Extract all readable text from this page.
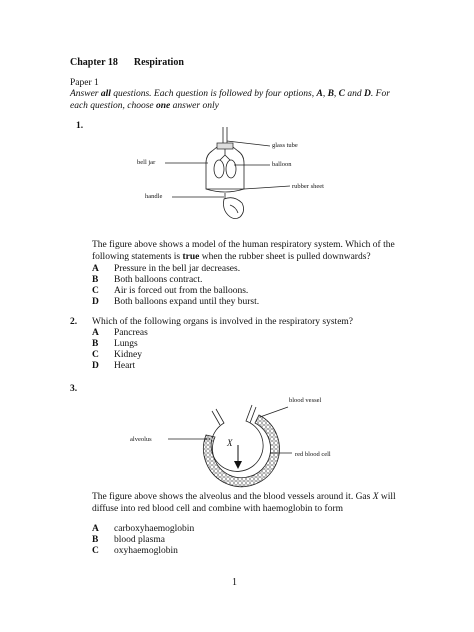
Chapter 18 Respiration
Paper 1
Answer all questions. Each question is followed by four options, A, B, C and D. For each question, choose one answer only
1.
glass tube
bell jar	balloon
rubber sheet
handle
The figure above shows a model of the human respiratory system. Which of the following statements is true when the rubber sheet is pulled downwards?
A Pressure in the bell jar decreases.
B Both balloons contract.
C Air is forced out from the balloons.
D Both balloons expand until they burst.
2. Which of the following organs is involved in the respiratory system?
A Pancreas
B Lungs
C Kidney
D Heart
3.
blood vessel
alveolus	X
red blood cell
The figure above shows the alveolus and the blood vessels around it. Gas X will diffuse into red blood cell and combine with haemoglobin to form
A carboxyhaemoglobin
B blood plasma
C oxyhaemoglobin
1
